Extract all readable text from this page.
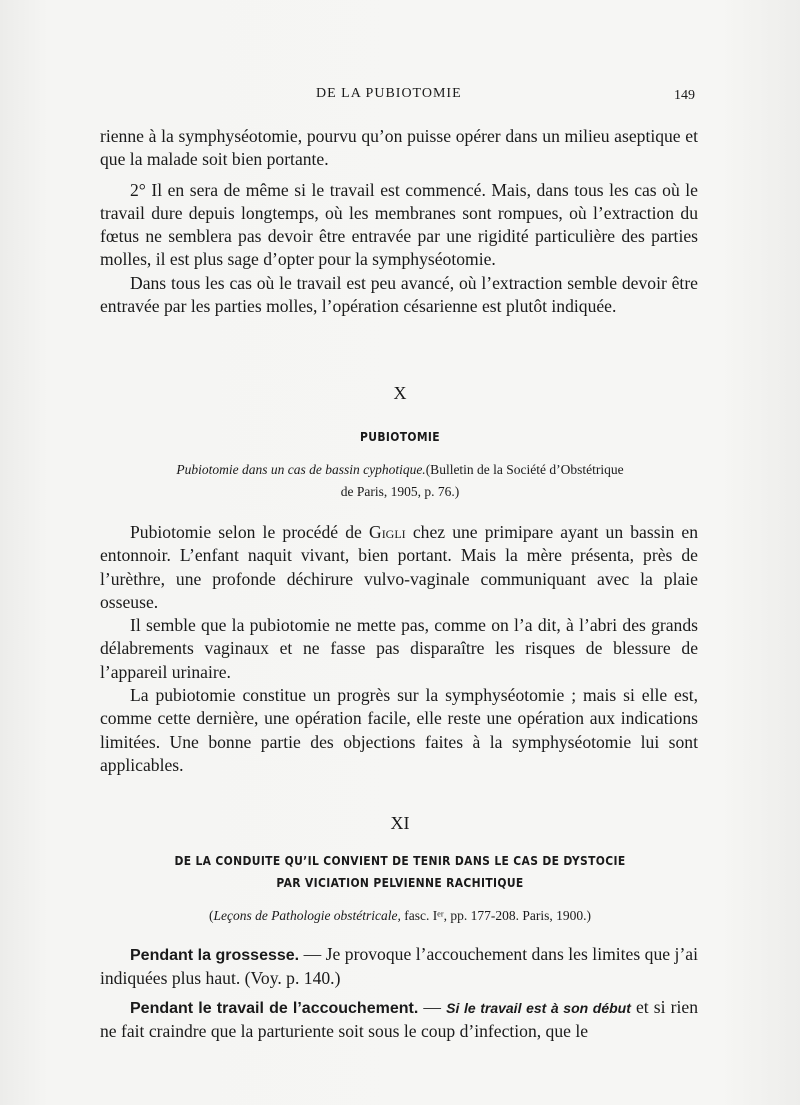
DE LA PUBIOTOMIE	149

rienne à la symphyséotomie, pourvu qu’on puisse opérer dans un milieu aseptique et que la malade soit bien portante.

2° Il en sera de même si le travail est commencé. Mais, dans tous les cas où le travail dure depuis longtemps, où les membranes sont rompues, où l’extraction du fœtus ne semblera pas devoir être entravée par une rigidité particulière des parties molles, il est plus sage d’opter pour la symphyséotomie.

Dans tous les cas où le travail est peu avancé, où l’extraction semble devoir être entravée par les parties molles, l’opération césarienne est plutôt indiquée.

X
PUBIOTOMIE
Pubiotomie dans un cas de bassin cyphotique.(Bulletin de la Société d’Obstétrique
de Paris, 1905, p. 76.)

Pubiotomie selon le procédé de Gigli chez une primipare ayant un bassin en entonnoir. L’enfant naquit vivant, bien portant. Mais la mère présenta, près de l’urèthre, une profonde déchirure vulvo-vaginale communiquant avec la plaie osseuse.

Il semble que la pubiotomie ne mette pas, comme on l’a dit, à l’abri des grands délabrements vaginaux et ne fasse pas disparaître les risques de blessure de l’appareil urinaire.

La pubiotomie constitue un progrès sur la symphyséotomie ; mais si elle est, comme cette dernière, une opération facile, elle reste une opération aux indications limitées. Une bonne partie des objections faites à la symphyséotomie lui sont applicables.

XI
DE LA CONDUITE QU’IL CONVIENT DE TENIR DANS LE CAS DE DYSTOCIE
PAR VICIATION PELVIENNE RACHITIQUE
(Leçons de Pathologie obstétricale, fasc. Iᵉʳ, pp. 177-208. Paris, 1900.)

Pendant la grossesse. — Je provoque l’accouchement dans les limites que j’ai indiquées plus haut. (Voy. p. 140.)

Pendant le travail de l’accouchement. — Si le travail est à son début et si rien ne fait craindre que la parturiente soit sous le coup d’infection, que le
